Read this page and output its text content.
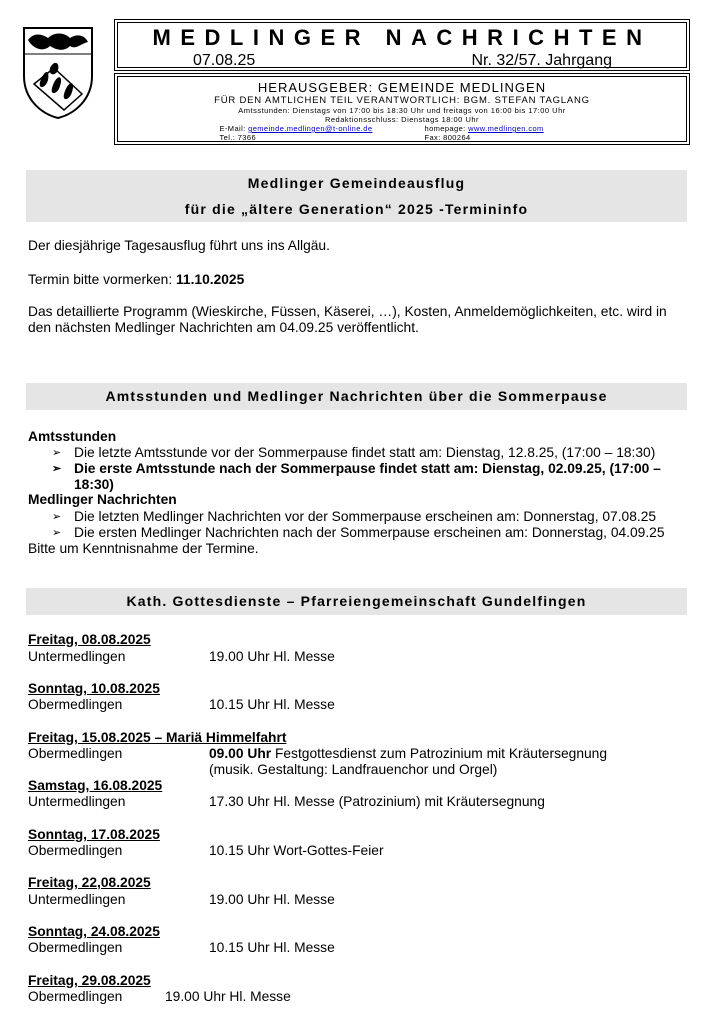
MEDLINGER NACHRICHTEN
07.08.25	Nr. 32/57. Jahrgang
HERAUSGEBER: GEMEINDE MEDLINGEN
FÜR DEN AMTLICHEN TEIL VERANTWORTLICH: BGM. STEFAN TAGLANG
Amtsstunden: Dienstags von 17:00 bis 18:30 Uhr und freitags von 16:00 bis 17:00 Uhr
Redaktionsschluss: Dienstags 18:00 Uhr
E-Mail: gemeinde.medlingen@t-online.de	homepage: www.medlingen.com
Tel.: 7366	Fax: 800264
Medlinger Gemeindeausflug
für die „ältere Generation“ 2025 -Termininfo
Der diesjährige Tagesausflug führt uns ins Allgäu.
Termin bitte vormerken: 11.10.2025
Das detaillierte Programm (Wieskirche, Füssen, Käserei, …), Kosten, Anmeldemöglichkeiten, etc. wird in den nächsten Medlinger Nachrichten am 04.09.25 veröffentlicht.
Amtsstunden und Medlinger Nachrichten über die Sommerpause
Amtsstunden
➢ Die letzte Amtsstunde vor der Sommerpause findet statt am: Dienstag, 12.8.25, (17:00 – 18:30)
➢ Die erste Amtsstunde nach der Sommerpause findet statt am: Dienstag, 02.09.25, (17:00 – 18:30)
Medlinger Nachrichten
➢ Die letzten Medlinger Nachrichten vor der Sommerpause erscheinen am: Donnerstag, 07.08.25
➢ Die ersten Medlinger Nachrichten nach der Sommerpause erscheinen am: Donnerstag, 04.09.25
Bitte um Kenntnisnahme der Termine.
Kath. Gottesdienste – Pfarreiengemeinschaft Gundelfingen
Freitag, 08.08.2025
Untermedlingen	19.00 Uhr Hl. Messe
Sonntag, 10.08.2025
Obermedlingen	10.15 Uhr Hl. Messe
Freitag, 15.08.2025 – Mariä Himmelfahrt
Obermedlingen	09.00 Uhr Festgottesdienst zum Patrozinium mit Kräutersegnung
(musik. Gestaltung: Landfrauenchor und Orgel)
Samstag, 16.08.2025
Untermedlingen	17.30 Uhr Hl. Messe (Patrozinium) mit Kräutersegnung
Sonntag, 17.08.2025
Obermedlingen	10.15 Uhr Wort-Gottes-Feier
Freitag, 22,08.2025
Untermedlingen	19.00 Uhr Hl. Messe
Sonntag, 24.08.2025
Obermedlingen	10.15 Uhr Hl. Messe
Freitag, 29.08.2025
Obermedlingen	19.00 Uhr Hl. Messe
